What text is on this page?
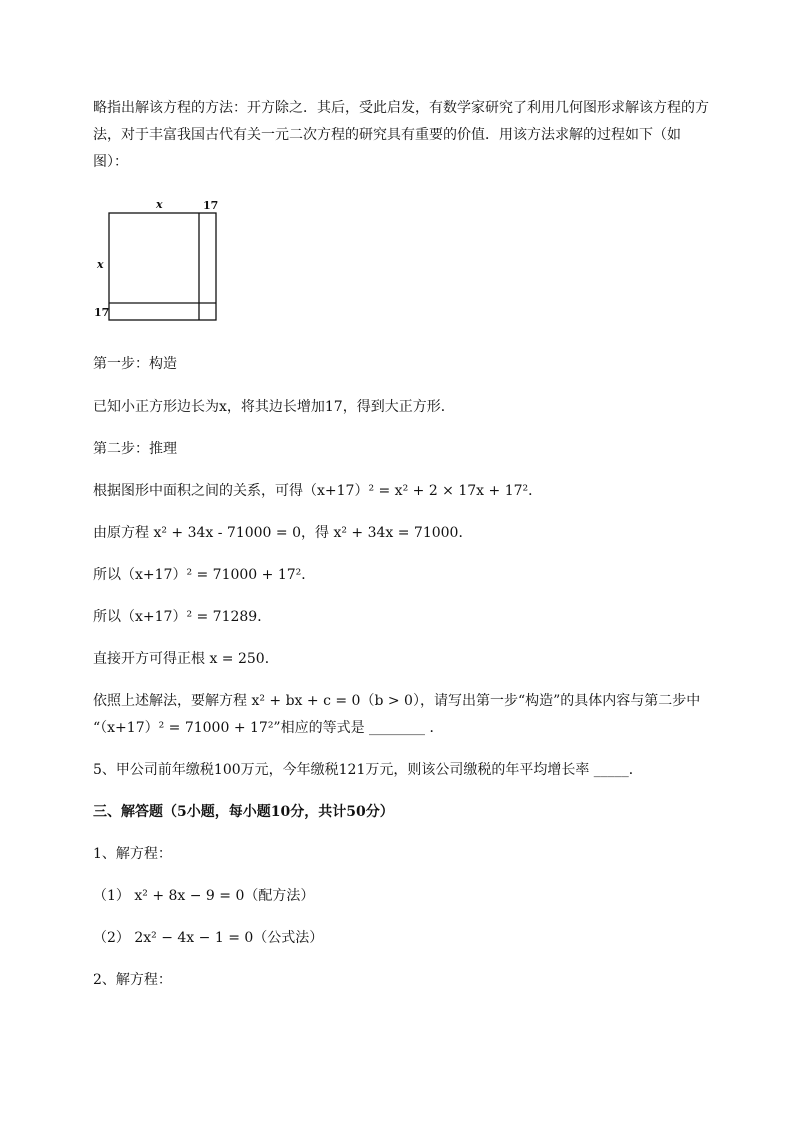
略指出解该方程的方法：开方除之．其后，受此启发，有数学家研究了利用几何图形求解该方程的方
法，对于丰富我国古代有关一元二次方程的研究具有重要的价值．用该方法求解的过程如下（如
图）：
x	17
x
17
第一步：构造
已知小正方形边长为x，将其边长增加17，得到大正方形．
第二步：推理
根据图形中面积之间的关系，可得（x+17）² = x² + 2 × 17x + 17²．
由原方程 x² + 34x - 71000 = 0，得 x² + 34x = 71000．
所以（x+17）² = 71000 + 17²．
所以（x+17）² = 71289．
直接开方可得正根 x = 250．
依照上述解法，要解方程 x² + bx + c = 0（b > 0），请写出第一步“构造”的具体内容与第二步中
“（x+17）² = 71000 + 17²”相应的等式是 ________ ．
5、甲公司前年缴税100万元，今年缴税121万元，则该公司缴税的年平均增长率 _____．
三、解答题（5小题，每小题10分，共计50分）
1、解方程：
（1） x² + 8x − 9 = 0（配方法）
（2） 2x² − 4x − 1 = 0（公式法）
2、解方程：
